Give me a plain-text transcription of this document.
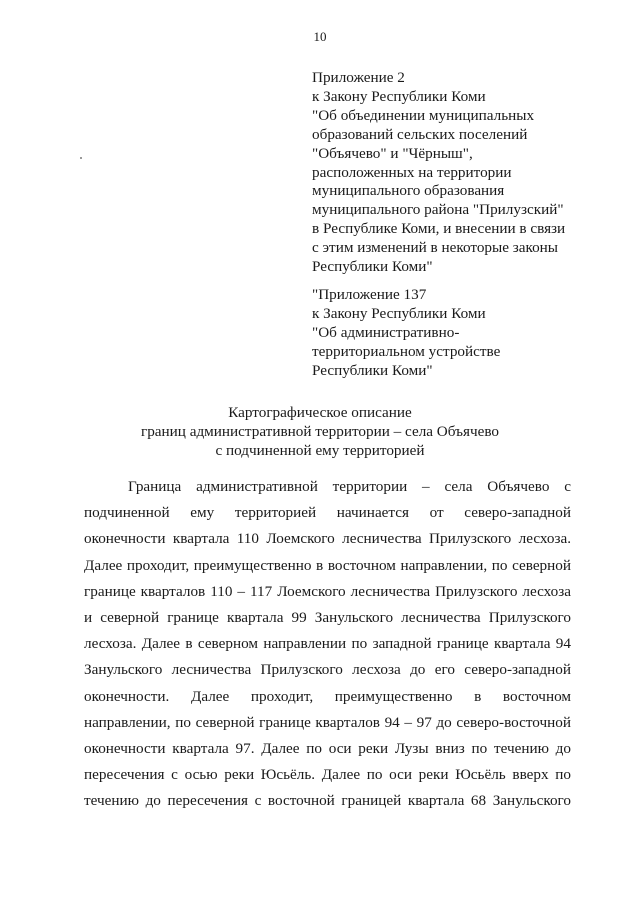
10
Приложение 2
к Закону Республики Коми
"Об объединении муниципальных
образований сельских поселений
"Объячево" и "Чёрныш",
расположенных на территории
муниципального образования
муниципального района "Прилузский"
в Республике Коми, и внесении в связи
с этим изменений в некоторые законы
Республики Коми"
"Приложение 137
к Закону Республики Коми
"Об административно-
территориальном устройстве
Республики Коми"
Картографическое описание
границ административной территории – села Объячево
с подчиненной ему территорией
Граница административной территории – села Объячево с
подчиненной ему территорией начинается от северо-западной
оконечности квартала 110 Лоемского лесничества Прилузского лесхоза.
Далее проходит, преимущественно в восточном направлении, по северной
границе кварталов 110 – 117 Лоемского лесничества Прилузского лесхоза
и северной границе квартала 99 Занульского лесничества Прилузского
лесхоза. Далее в северном направлении по западной границе квартала 94
Занульского лесничества Прилузского лесхоза до его северо-западной
оконечности. Далее проходит, преимущественно в восточном
направлении, по северной границе кварталов 94 – 97 до северо-восточной
оконечности квартала 97. Далее по оси реки Лузы вниз по течению до
пересечения с осью реки Юсьёль. Далее по оси реки Юсьёль вверх по
течению до пересечения с восточной границей квартала 68 Занульского
